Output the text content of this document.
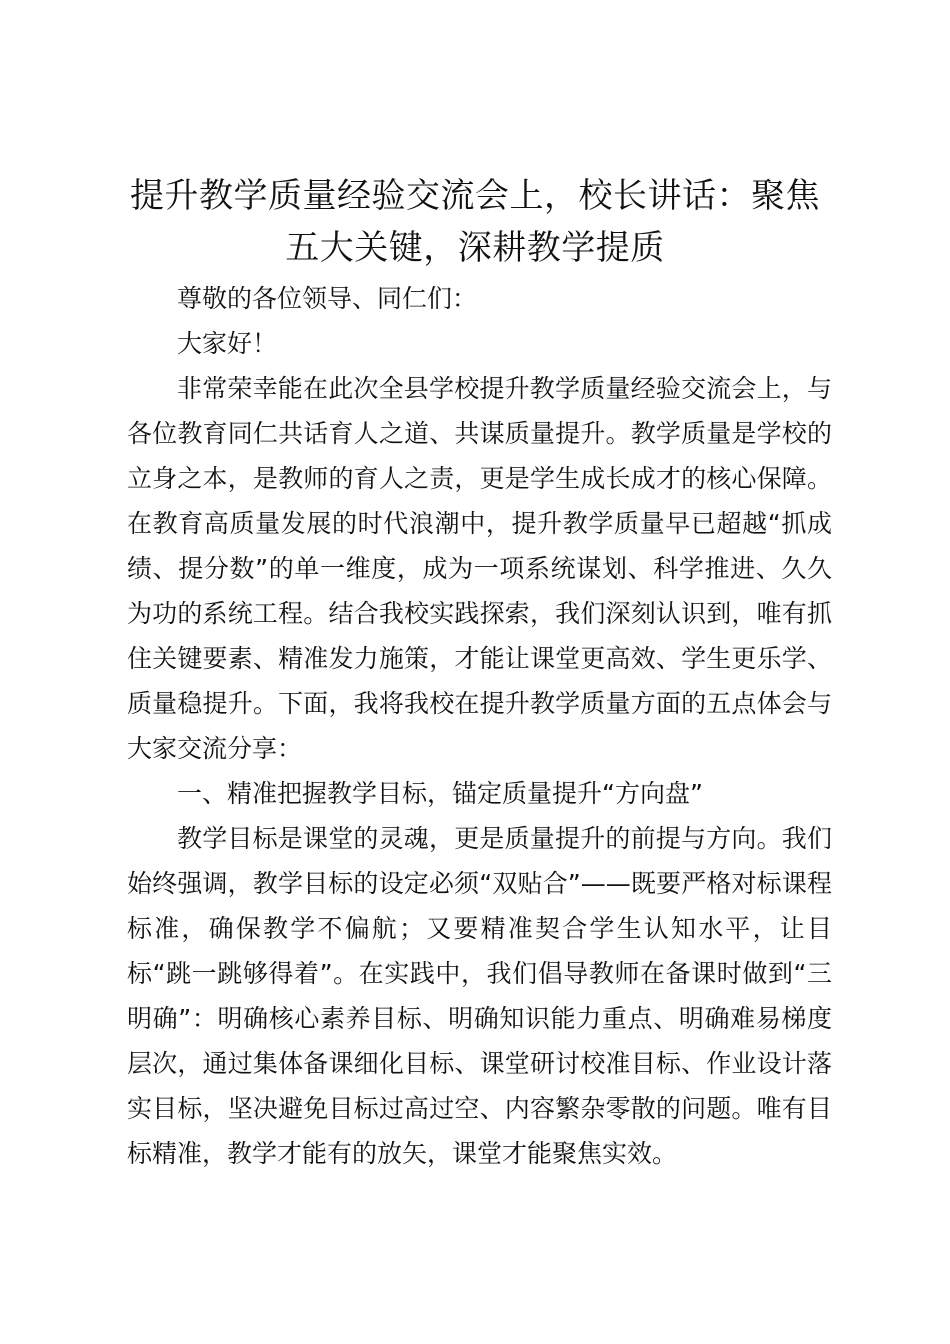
提升教学质量经验交流会上，校长讲话：聚焦五大关键，深耕教学提质

尊敬的各位领导、同仁们：

大家好！

非常荣幸能在此次全县学校提升教学质量经验交流会上，与各位教育同仁共话育人之道、共谋质量提升。教学质量是学校的立身之本，是教师的育人之责，更是学生成长成才的核心保障。在教育高质量发展的时代浪潮中，提升教学质量早已超越“抓成绩、提分数”的单一维度，成为一项系统谋划、科学推进、久久为功的系统工程。结合我校实践探索，我们深刻认识到，唯有抓住关键要素、精准发力施策，才能让课堂更高效、学生更乐学、质量稳提升。下面，我将我校在提升教学质量方面的五点体会与大家交流分享：

一、精准把握教学目标，锚定质量提升“方向盘”

教学目标是课堂的灵魂，更是质量提升的前提与方向。我们始终强调，教学目标的设定必须“双贴合”——既要严格对标课程标准，确保教学不偏航；又要精准契合学生认知水平，让目标“跳一跳够得着”。在实践中，我们倡导教师在备课时做到“三明确”：明确核心素养目标、明确知识能力重点、明确难易梯度层次，通过集体备课细化目标、课堂研讨校准目标、作业设计落实目标，坚决避免目标过高过空、内容繁杂零散的问题。唯有目标精准，教学才能有的放矢，课堂才能聚焦实效。
